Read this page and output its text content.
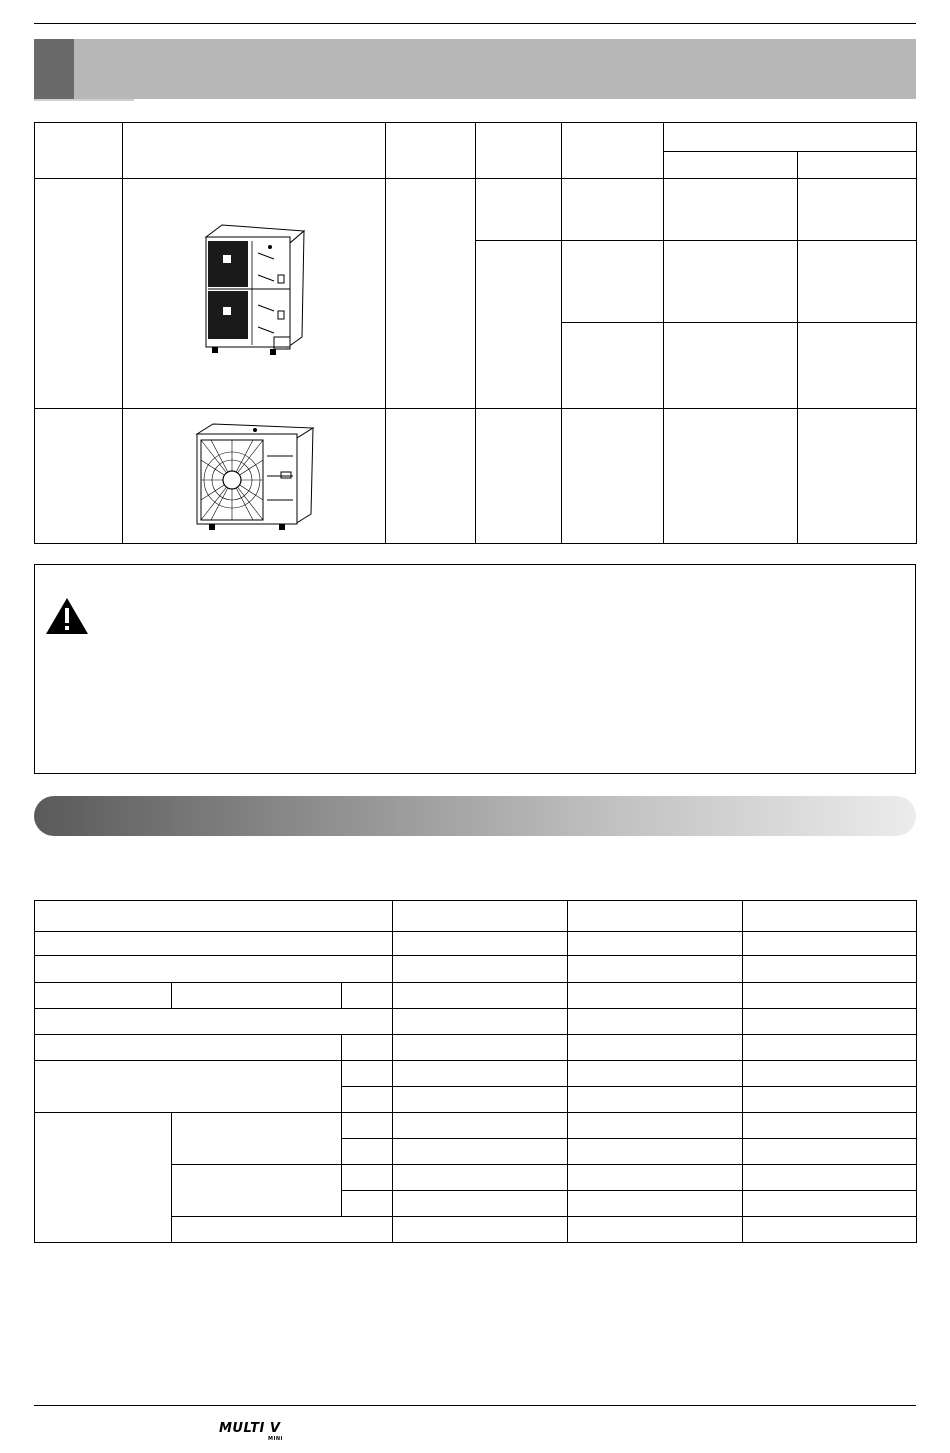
MULTI V
MINI
